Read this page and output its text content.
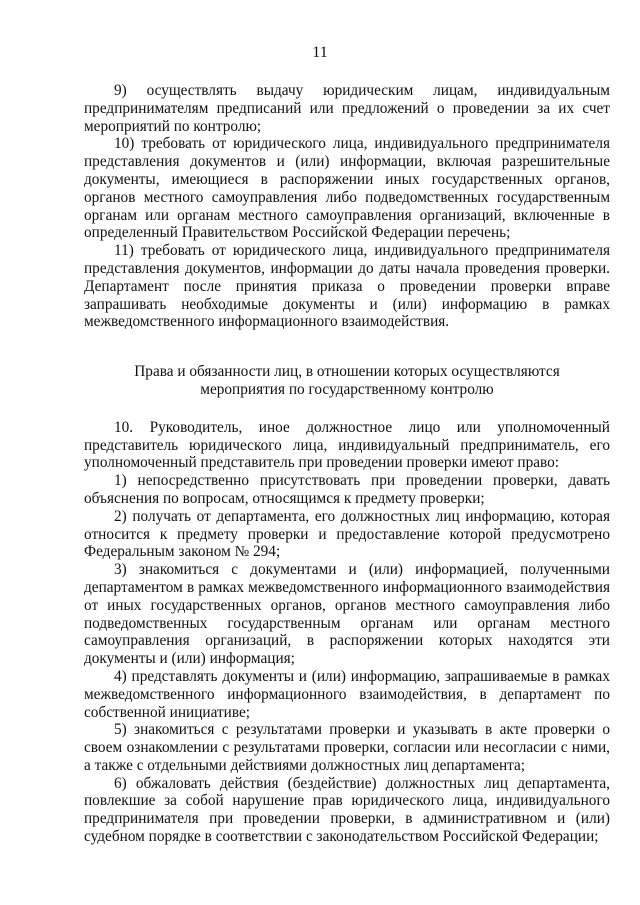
11

9) осуществлять выдачу юридическим лицам, индивидуальным предпринимателям предписаний или предложений о проведении за их счет мероприятий по контролю;

10) требовать от юридического лица, индивидуального предпринимателя представления документов и (или) информации, включая разрешительные документы, имеющиеся в распоряжении иных государственных органов, органов местного самоуправления либо подведомственных государственным органам или органам местного самоуправления организаций, включенные в определенный Правительством Российской Федерации перечень;

11) требовать от юридического лица, индивидуального предпринимателя представления документов, информации до даты начала проведения проверки. Департамент после принятия приказа о проведении проверки вправе запрашивать необходимые документы и (или) информацию в рамках межведомственного информационного взаимодействия.

Права и обязанности лиц, в отношении которых осуществляются мероприятия по государственному контролю

10. Руководитель, иное должностное лицо или уполномоченный представитель юридического лица, индивидуальный предприниматель, его уполномоченный представитель при проведении проверки имеют право:

1) непосредственно присутствовать при проведении проверки, давать объяснения по вопросам, относящимся к предмету проверки;

2) получать от департамента, его должностных лиц информацию, которая относится к предмету проверки и предоставление которой предусмотрено Федеральным законом № 294;

3) знакомиться с документами и (или) информацией, полученными департаментом в рамках межведомственного информационного взаимодействия от иных государственных органов, органов местного самоуправления либо подведомственных государственным органам или органам местного самоуправления организаций, в распоряжении которых находятся эти документы и (или) информация;

4) представлять документы и (или) информацию, запрашиваемые в рамках межведомственного информационного взаимодействия, в департамент по собственной инициативе;

5) знакомиться с результатами проверки и указывать в акте проверки о своем ознакомлении с результатами проверки, согласии или несогласии с ними, а также с отдельными действиями должностных лиц департамента;

6) обжаловать действия (бездействие) должностных лиц департамента, повлекшие за собой нарушение прав юридического лица, индивидуального предпринимателя при проведении проверки, в административном и (или) судебном порядке в соответствии с законодательством Российской Федерации;
